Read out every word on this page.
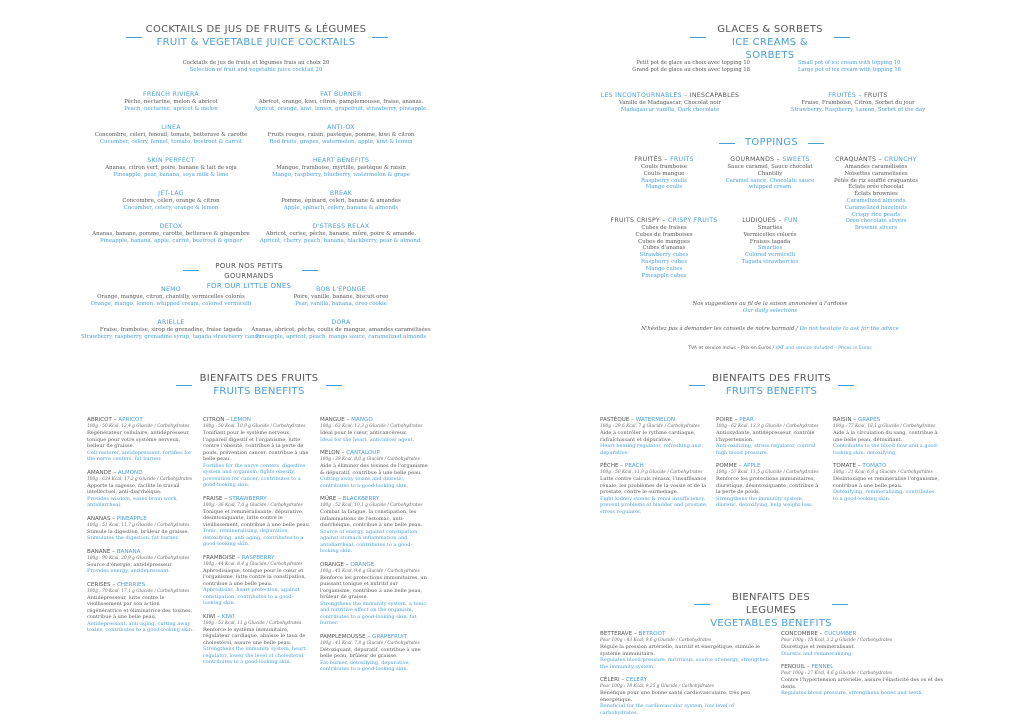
COCKTAILS DE JUS DE FRUITS & LÉGUMES
FRUIT & VEGETABLE JUICE COCKTAILS
Cocktails de jus de fruits et légumes frais au choix 20
Selection of fruit and vegetable juice cocktail 20
FRENCH RIVIERA
Pêche, nectarine, melon & abricot
Peach, nectarine, apricot & melon
FAT BURNER
Abricot, orange, kiwi, citron, pamplemousse, fraise, ananas.
Apricot, orange, kiwi, lemon, grapefruit, strawberry, pineapple.
LINEA
Concombre, céleri, fenouil, tomate, betterave & carotte
Cucumber, celery, fennel, tomato, beetroot & carrot
ANTI-OX
Fruits rouges, raisin, pastèque, pomme, kiwi & citron
Red fruits, grapes, watermelon, apple, kiwi & lemon
SKIN PERFECT
Ananas, citron vert, poire, banane & lait de soja
Pineapple, pear, banana, soya milk & lime
HEART BENEFITS
Mangue, framboise, myrtille, pastèque & raisin
Mango, raspberry, blueberry, watermelon & grape
JET-LAG
Concombre, céleri, orange & citron
Cucumber, celery, orange & lemon
BREAK
Pomme, épinard, céleri, banane & amandes
Apple, spinach, celery, banana & almonds
DETOX
Ananas, banane, pomme, carotte, betterave & gingembre
Pineapple, banana, apple, carrot, beetroot & ginger
D'STRESS RELAX
Abricot, cerise, pêche, banane, mûre, poire & amande.
Apricot, cherry, peach, banana, blackberry, pear & almond.
POUR NOS PETITS GOURMANDS
FOR OUR LITTLE ONES
NEMO
Orange, mangue, citron, chantilly, vermicelles colorés
Orange, mango, lemon, whipped cream, colored vermicelli
BOB L'ÉPONGE
Poire, vanille, banane, biscuit oreo
Pear, vanilla, banana, oreo cookie
ARIELLE
Fraise, framboise, sirop de grenadine, fraise tagada
Strawberry, raspberry, grenadine syrup, tagada strawberry candy
DORA
Ananas, abricot, pêche, coulis de mangue, amandes caramélisées
Pineapple, apricot, peach, mango sauce, caramelized almonds
GLACES & SORBETS
ICE CREAMS & SORBETS
Petit pot de glace au choix avec topping 10
Grand pot de glace au choix avec topping 18
Small pot of ice cream with topping 10
Large pot of ice cream with topping 18
LES INCONTOURNABLES – INESCAPABLES
Vanille de Madagascar, Chocolat noir
Madagascar vanilla, Dark chocolate
FRUITÉS – FRUITS
Fraise, Framboise, Citron, Sorbet du jour
Strawberry, Raspberry, Lemon, Sorbet of the day
TOPPINGS
FRUITÉS – FRUITS
Coulis framboise
Coulis mangue
Raspberry coulis
Mango coulis
GOURMANDS – SWEETS
Sauce caramel, Sauce chocolat
Chantilly
Caramel sauce, Chocolate sauce
whipped cream
CRAQUANTS – CRUNCHY
Amandes caramélisées
Noisettes caramélisées
Pétés de riz soufflé craquantes
Éclats oréo chocolat
Éclats brownies
Caramelized almonds
Caramelized hazelnuts
Crispy rice pearls
Oreo chocolate slivers
Brownie slivers
FRUITS CRISPY – CRISPY FRUITS
Cubes de fraises
Cubes de framboises
Cubes de mangues
Cubes d'ananas
Strawberry cubes
Raspberry cubes
Mango cubes
Pineapple cubes
LUDIQUES – FUN
Smarties
Vermicelles colorés
Fraises tagada
Smarties
Colored vermicelli
Tagada strawberries
Nos suggestions au fil de la saison annoncées à l'ardoise
Our daily selections
N'hésitez pas à demander les conseils de notre barmaid / Do not hesitate to ask for the advice
TVA et service inclus – Prix en Euros / VAT and service included – Prices in Euros
BIENFAITS DES FRUITS
FRUITS BENEFITS
ABRICOT – APRICOT
100g : 50 Kcal, 12,4 g Glucide / Carbohydrates
Régénérateur cellulaire, antidépresseur, tonique pour votre système nerveux, belleur de graisse.
Cell restorer, antidepressant, fortifies for the nerve centers, fat burner.
AMANDE – ALMOND
100g : 634 Kcal, 17,2 g Glucide / Carbohydrates
Apporte la sagesse, facilite le travail intellectuel, anti-diarrhéique.
Provides wisdom, eases brain work, antidiarrheal.
ANANAS – PINEAPPLE
100g : 51 Kcal, 11,7 g Glucide / Carbohydrates
Stimule la digestion, brûleur de graisse.
Stimulates the digestion, fat burner.
BANANE – BANANA
100g : 90 Kcal, 20,9 g Glucide / Carbohydrates
Source d'énergie, antidépresseur.
Provides energy, antidepressant.
CERISES – CHERRIES
100g : 70 Kcal, 17,1 g Glucide / Carbohydrates
Antidépresseur, lutte contre le vieillissement par son action régénératrice et éliminatrice des toxines, contribue à une belle peau.
Antidepressant, anti-aging, cutting away toxins, contributes to a good-looking skin.
CITRON – LEMON
100g : 50 Kcal, 10,9 g Glucide / Carbohydrates
Tonifiant pour le système nerveux, l'appareil digestif et l'organisme, lutte contre l'obésité, contribue à la perte de poids, prévention cancer, contribue à une belle peau.
Fortifies for the nerve centers, digestive system and organism, fights obesity, prevention for cancer, contributes to a good-looking skin.
FRAISE – STRAWBERRY
100g : 36 Kcal, 7,0 g Glucide / Carbohydrates
Tonique et reminéralisante, dépurative, désintoxiquante, lutte contre le vieillissement, contribue à une belle peau.
Tonic, remineralising, depurative, detoxifying, anti-aging, contributes to a good-looking skin.
FRAMBOISE – RASPBERRY
100g : 44 Kcal, 8,4 g Glucide / Carbohydrates
Aphrodisiaque, tonique pour le cœur et l'organisme, lutte contre la constipation, contribue à une belle peau.
Aphrodisiac, heart protection, against constipation, contributes to a good-looking skin.
KIWI – KIWI
100g : 53 Kcal, 11 g Glucide / Carbohydrates
Renforce le système immunitaire, régulateur cardiaque, abaisse le taux de cholestérol, assure une belle peau.
Strengthens the immunity system, heart regulator, lower the level of cholesterol, contributes to a good-looking skin.
MANGUE – MANGO
100g : 63 Kcal, 13,3 g Glucide / Carbohydrates
Idéal pour le cœur, anticancéreux.
Ideal for the heart, anticancer agent.
MELON – CANTALOUP
100g : 39 Kcal, 8,0 g Glucide / Carbohydrates
Aide à éliminer des toxines de l'organisme & dépuratif, contribue à une belle peau.
Cutting away toxins and diuretic, contributes to a good-looking skin.
MÛRE – BLACKBERRY
100g : 52 Kcal, 10,1 g Glucide / Carbohydrates
Combat la fatigue, la constipation, les inflammations de l'estomac, anti-diarrhéique, contribue à une belle peau.
Source of energy, against constipation, against stomach inflammation and antidiarrheal, contributes to a good-looking skin.
ORANGE – ORANGE
100g : 45 Kcal, 9,4 g Glucide / Carbohydrates
Renforce les protections immunitaires, un puissant tonique et nutritif sur l'organisme, contribue à une belle peau, brûleur de graisse.
Strengthens the immunity system, a tonic and nutritive effect on the organism, contributes to a good-looking skin, fat burner.
PAMPLEMOUSSE – GRAPEFRUIT
100g : 41 Kcal, 7,8 g Glucide / Carbohydrates
Détoxiquant, dépuratif, contribue à une belle peau, brûleur de graisse.
Fat burner, detoxifying, depurative, contributes to a good-looking skin.
BIENFAITS DES FRUITS
FRUITS BENEFITS
PASTÈQUE – WATERMELON
100g : 29,6 Kcal, 7 g Glucide / Carbohydrates
Aide à contrôler le rythme cardiaque, rafraîchissant et dépurative.
Heart beating regulator, refreshing and depurative.
PÊCHE – PEACH
100g : 50 Kcal, 11,9 g Glucide / Carbohydrates
Lutte contre calculs rénaux, l'insuffisance rénale, les problèmes de la vessie et de la prostate, contre le surmenage.
Fight kidney stones & renal insufficiency, prevent problems of bladder and prostate, stress regulator.
POIRE – PEAR
100g : 62 Kcal, 13,3 g Glucide / Carbohydrates
Antioxydante, antidépresseur, contrôle l'hypertension.
Anti-oxidizing, stress regulator, control high blood pressure.
POMME – APPLE
100g : 57 Kcal, 11,5 g Glucide / Carbohydrates
Renforce les protections immunitaires, diurétique, désintoxiquante, contribue à la perte de poids.
Strengthens the immunity system, diuretic, detoxifying, help weight loss.
RAISIN – GRAPES
100g : 77 Kcal, 18,1 g Glucide / Carbohydrates
Aide à la circulation du sang, contribue à une belle peau, détoxifiant.
Contributes to the blood flow and a good-looking skin, detoxifying.
TOMATE – TOMATO
100g : 21 Kcal, 6,6 g Glucide / Carbohydrates
Désintoxique et reminéralise l'organisme, contribue à une belle peau.
Detoxifying, remineralizing, contributes to a good-looking skin.
BIENFAITS DES LEGUMES
VEGETABLES BENEFITS
BETTERAVE – BETROOT
Pour 100g : 43 Kcal, 9,6 g Glucide / Carbohydrates
Régule la pression artérielle, nutritif et énergétique, stimule le système immunitaire.
Regulates blood pressure, nutritious, source of energy, strengthen the immunity system.
CÉLERI – CELERY
Pour 100g : 18 Kcal, 9,25 g Glucide / Carbohydrates
Bénéfique pour une bonne santé cardiovasculaire, très peu énergétique.
Beneficial for the cardiovascular system, low level of carbohydrates.
CONCOMBRE – CUCUMBER
Pour 100g : 15 Kcal, 3,2 g Glucide / Carbohydrates
Diurétique et reminéralisant.
Diuretic and remineralizing.
FENOUIL – FENNEL
Pour 100g : 27 Kcal, 4,6 g Glucide / Carbohydrates
Contre l'hypertension artérielle, assure l'élasticité des os et des dents.
Regulates blood pressure, strengthens bones and teeth.
